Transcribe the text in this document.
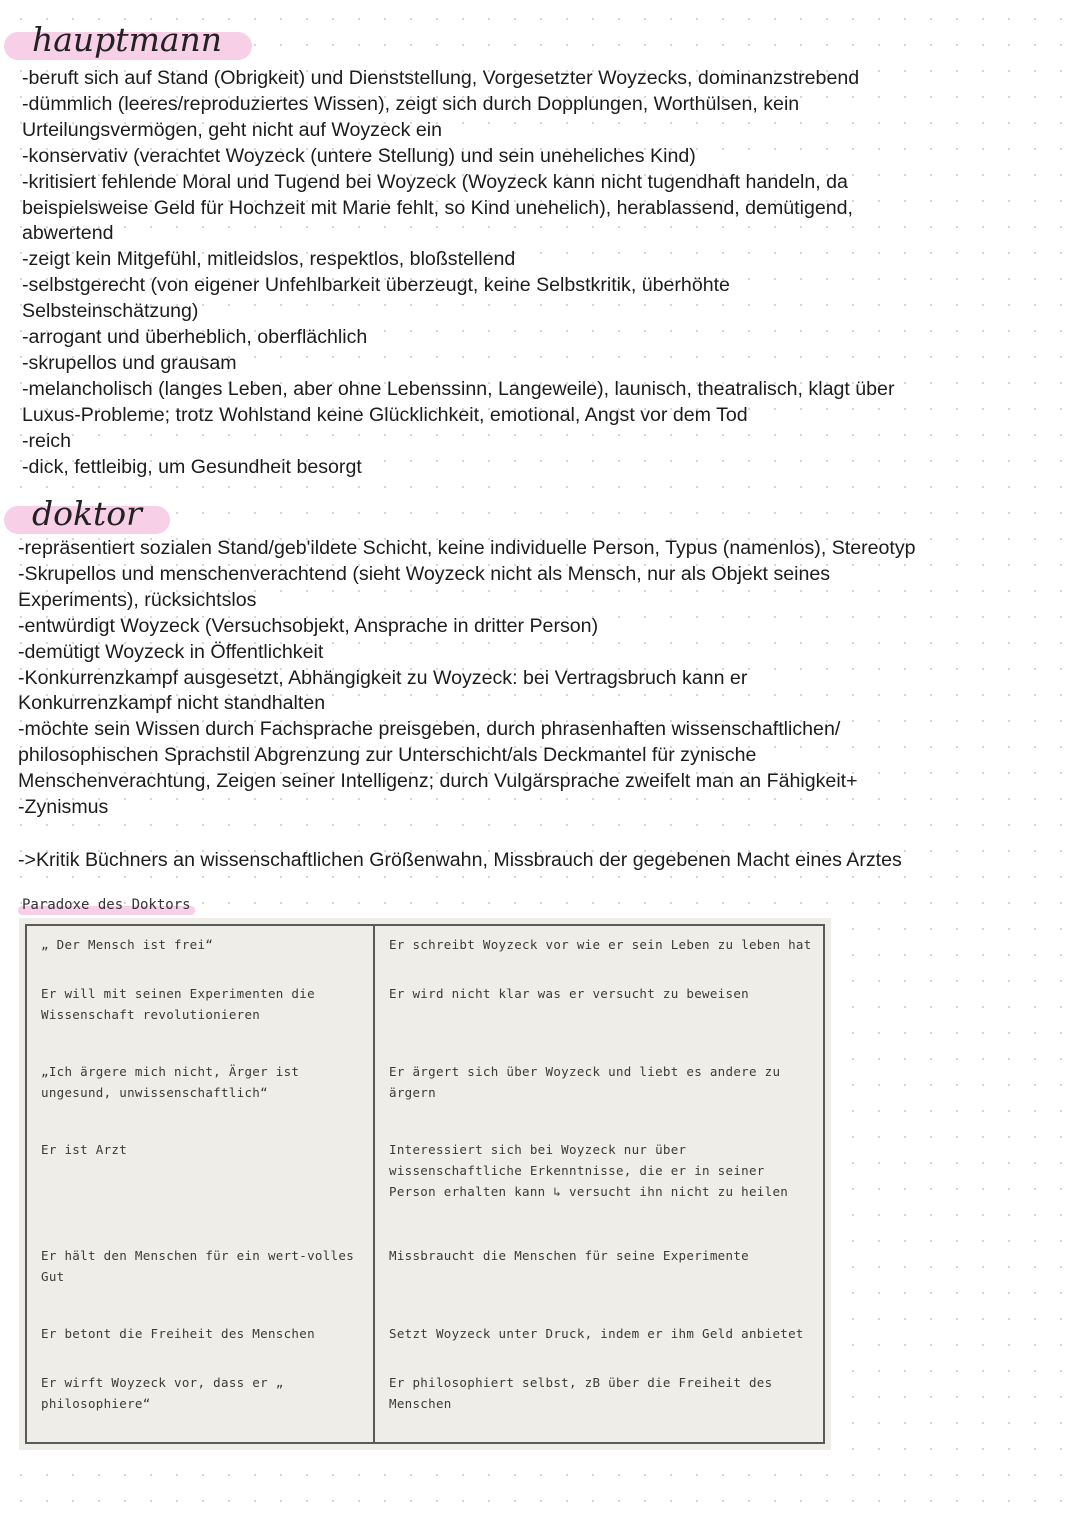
hauptmann
-beruft sich auf Stand (Obrigkeit) und Dienststellung, Vorgesetzter Woyzecks, dominanzstrebend
-dümmlich (leeres/reproduziertes Wissen), zeigt sich durch Dopplungen, Worthülsen, kein
Urteilungsvermögen, geht nicht auf Woyzeck ein
-konservativ (verachtet Woyzeck (untere Stellung) und sein uneheliches Kind)
-kritisiert fehlende Moral und Tugend bei Woyzeck (Woyzeck kann nicht tugendhaft handeln, da
beispielsweise Geld für Hochzeit mit Marie fehlt, so Kind unehelich), herablassend, demütigend,
abwertend
-zeigt kein Mitgefühl, mitleidslos, respektlos, bloßstellend
-selbstgerecht (von eigener Unfehlbarkeit überzeugt, keine Selbstkritik, überhöhte
Selbsteinschätzung)
-arrogant und überheblich, oberflächlich
-skrupellos und grausam
-melancholisch (langes Leben, aber ohne Lebenssinn, Langeweile), launisch, theatralisch, klagt über
Luxus-Probleme; trotz Wohlstand keine Glücklichkeit, emotional, Angst vor dem Tod
-reich
-dick, fettleibig, um Gesundheit besorgt
doktor
-repräsentiert sozialen Stand/geb'ildete Schicht, keine individuelle Person, Typus (namenlos), Stereotyp
-Skrupellos und menschenverachtend (sieht Woyzeck nicht als Mensch, nur als Objekt seines
Experiments), rücksichtslos
-entwürdigt Woyzeck (Versuchsobjekt, Ansprache in dritter Person)
-demütigt Woyzeck in Öffentlichkeit
-Konkurrenzkampf ausgesetzt, Abhängigkeit zu Woyzeck: bei Vertragsbruch kann er
Konkurrenzkampf nicht standhalten
-möchte sein Wissen durch Fachsprache preisgeben, durch phrasenhaften wissenschaftlichen/
philosophischen Sprachstil Abgrenzung zur Unterschicht/als Deckmantel für zynische
Menschenverachtung, Zeigen seiner Intelligenz; durch Vulgärsprache zweifelt man an Fähigkeit+
-Zynismus
->Kritik Büchners an wissenschaftlichen Größenwahn, Missbrauch der gegebenen Macht eines Arztes
Paradoxe des Doktors
„ Der Mensch ist frei“	Er schreibt Woyzeck vor wie er sein Leben zu leben hat
Er will mit seinen Experimenten die Wissenschaft revolutionieren	Er wird nicht klar was er versucht zu beweisen
„Ich ärgere mich nicht, Ärger ist ungesund, unwissenschaftlich“	Er ärgert sich über Woyzeck und liebt es andere zu ärgern
Er ist Arzt	Interessiert sich bei Woyzeck nur über wissenschaftliche Erkenntnisse, die er in seiner Person erhalten kann ↳ versucht ihn nicht zu heilen
Er hält den Menschen für ein wert-volles Gut	Missbraucht die Menschen für seine Experimente
Er betont die Freiheit des Menschen	Setzt Woyzeck unter Druck, indem er ihm Geld anbietet
Er wirft Woyzeck vor, dass er „ philosophiere“	Er philosophiert selbst, zB über die Freiheit des Menschen
